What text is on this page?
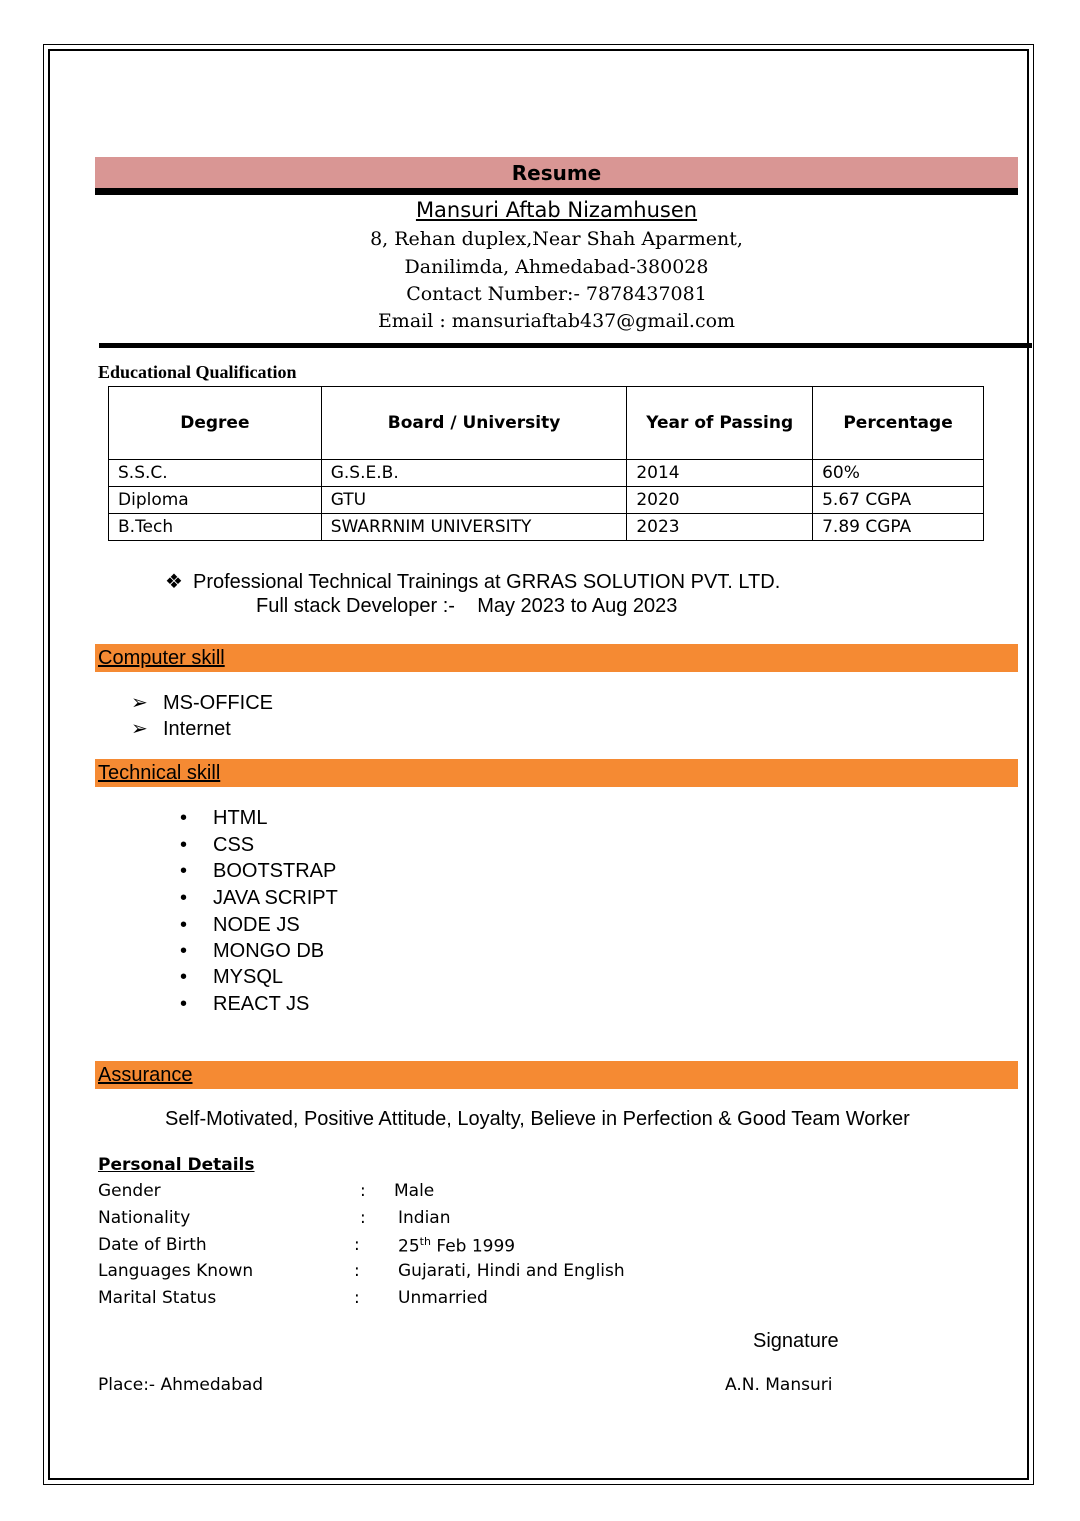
Resume
Mansuri Aftab Nizamhusen
8, Rehan duplex,Near Shah Aparment,
Danilimda, Ahmedabad-380028
Contact Number:- 7878437081
Email : mansuriaftab437@gmail.com
Educational Qualification
Degree	Board / University	Year of Passing	Percentage
S.S.C.	G.S.E.B.	2014	60%
Diploma	GTU	2020	5.67 CGPA
B.Tech	SWARRNIM UNIVERSITY	2023	7.89 CGPA
❖ Professional Technical Trainings at GRRAS SOLUTION PVT. LTD.
Full stack Developer :- May 2023 to Aug 2023
Computer skill
➢ MS-OFFICE
➢ Internet
Technical skill
• HTML
• CSS
• BOOTSTRAP
• JAVA SCRIPT
• NODE JS
• MONGO DB
• MYSQL
• REACT JS
Assurance
Self-Motivated, Positive Attitude, Loyalty, Believe in Perfection & Good Team Worker
Personal Details
Gender	: Male
Nationality	: Indian
Date of Birth	: 25th Feb 1999
Languages Known	: Gujarati, Hindi and English
Marital Status	: Unmarried
Signature
Place:- Ahmedabad	A.N. Mansuri
